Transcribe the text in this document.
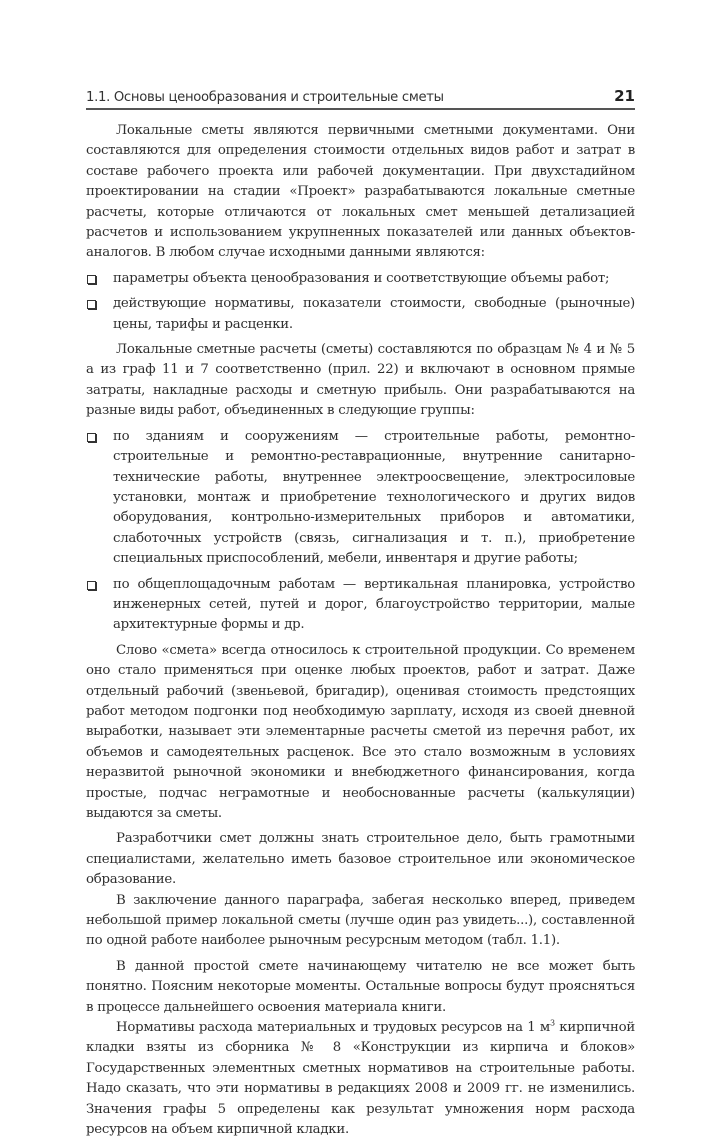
1.1. Основы ценообразования и строительные сметы	21

Локальные сметы являются первичными сметными документами. Они составляются для определения стоимости отдельных видов работ и затрат в составе рабочего проекта или рабочей документации. При двухстадийном проектировании на стадии «Проект» разрабатываются локальные сметные расчеты, которые отличаются от локальных смет меньшей детализацией расчетов и использованием укрупненных показателей или данных объектов-аналогов. В любом случае исходными данными являются:

параметры объекта ценообразования и соответствующие объемы работ;
действующие нормативы, показатели стоимости, свободные (рыночные) цены, тарифы и расценки.

Локальные сметные расчеты (сметы) составляются по образцам № 4 и № 5 а из граф 11 и 7 соответственно (прил. 22) и включают в основном прямые затраты, накладные расходы и сметную прибыль. Они разрабатываются на разные виды работ, объединенных в следующие группы:

по зданиям и сооружениям — строительные работы, ремонтно-строительные и ремонтно-реставрационные, внутренние санитарно-технические работы, внутреннее электроосвещение, электросиловые установки, монтаж и приобретение технологического и других видов оборудования, контрольно-измерительных приборов и автоматики, слаботочных устройств (связь, сигнализация и т. п.), приобретение специальных приспособлений, мебели, инвентаря и другие работы;
по общеплощадочным работам — вертикальная планировка, устройство инженерных сетей, путей и дорог, благоустройство территории, малые архитектурные формы и др.

Слово «смета» всегда относилось к строительной продукции. Со временем оно стало применяться при оценке любых проектов, работ и затрат. Даже отдельный рабочий (звеньевой, бригадир), оценивая стоимость предстоящих работ методом подгонки под необходимую зарплату, исходя из своей дневной выработки, называет эти элементарные расчеты сметой из перечня работ, их объемов и самодеятельных расценок. Все это стало возможным в условиях неразвитой рыночной экономики и внебюджетного финансирования, когда простые, подчас неграмотные и необоснованные расчеты (калькуляции) выдаются за сметы.

Разработчики смет должны знать строительное дело, быть грамотными специалистами, желательно иметь базовое строительное или экономическое образование.

В заключение данного параграфа, забегая несколько вперед, приведем небольшой пример локальной сметы (лучше один раз увидеть...), составленной по одной работе наиболее рыночным ресурсным методом (табл. 1.1).

В данной простой смете начинающему читателю не все может быть понятно. Поясним некоторые моменты. Остальные вопросы будут проясняться в процессе дальнейшего освоения материала книги.

Нормативы расхода материальных и трудовых ресурсов на 1 $м^3$ кирпичной кладки взяты из сборника № 8 «Конструкции из кирпича и блоков» Государственных элементных сметных нормативов на строительные работы. Надо сказать, что эти нормативы в редакциях 2008 и 2009 гг. не изменились. Значения графы 5 определены как результат умножения норм расхода ресурсов на объем кирпичной кладки.
